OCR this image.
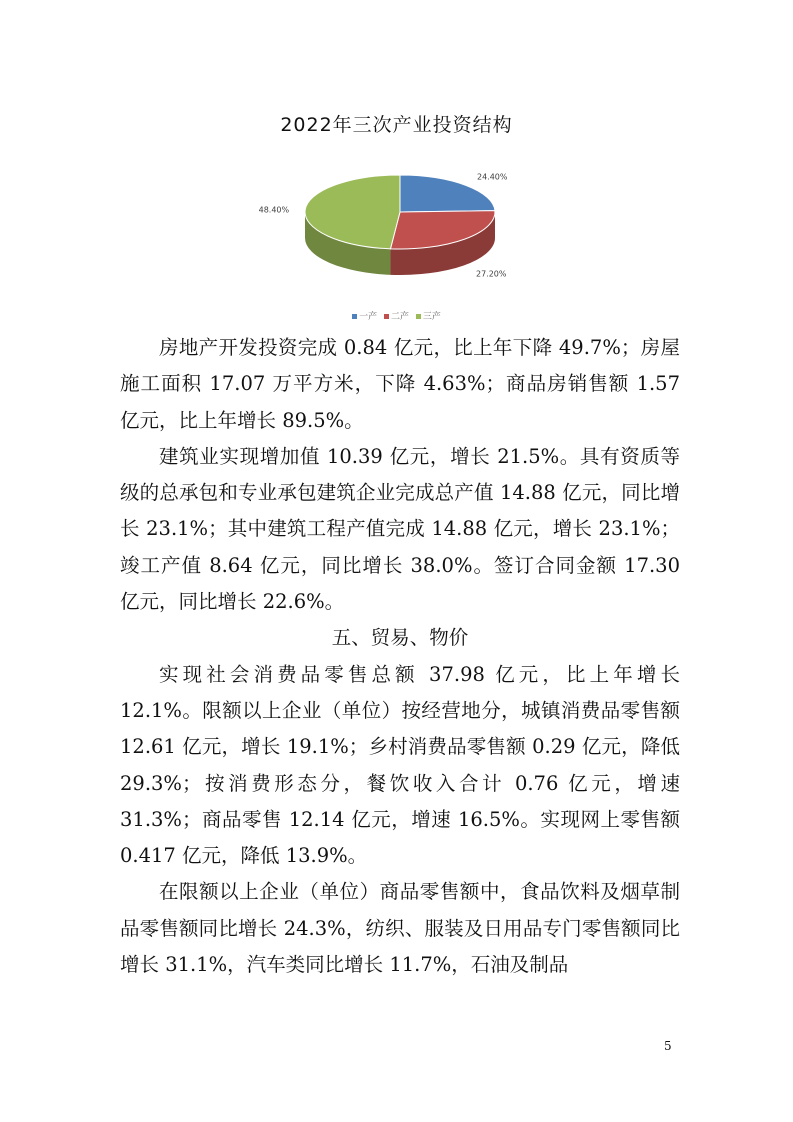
2022年三次产业投资结构
24.40%
27.20%
48.40%
一产 二产 三产

房地产开发投资完成 0.84 亿元，比上年下降 49.7%；房屋施工面积 17.07 万平方米，下降 4.63%；商品房销售额 1.57 亿元，比上年增长 89.5%。

建筑业实现增加值 10.39 亿元，增长 21.5%。具有资质等级的总承包和专业承包建筑企业完成总产值 14.88 亿元，同比增长 23.1%；其中建筑工程产值完成 14.88 亿元，增长 23.1%；竣工产值 8.64 亿元，同比增长 38.0%。签订合同金额 17.30 亿元，同比增长 22.6%。

五、贸易、物价

实现社会消费品零售总额 37.98 亿元，比上年增长 12.1%。限额以上企业（单位）按经营地分，城镇消费品零售额 12.61 亿元，增长 19.1%；乡村消费品零售额 0.29 亿元，降低 29.3%；按消费形态分，餐饮收入合计 0.76 亿元，增速 31.3%；商品零售 12.14 亿元，增速 16.5%。实现网上零售额 0.417 亿元，降低 13.9%。

在限额以上企业（单位）商品零售额中，食品饮料及烟草制品零售额同比增长 24.3%，纺织、服装及日用品专门零售额同比增长 31.1%，汽车类同比增长 11.7%，石油及制品

5
